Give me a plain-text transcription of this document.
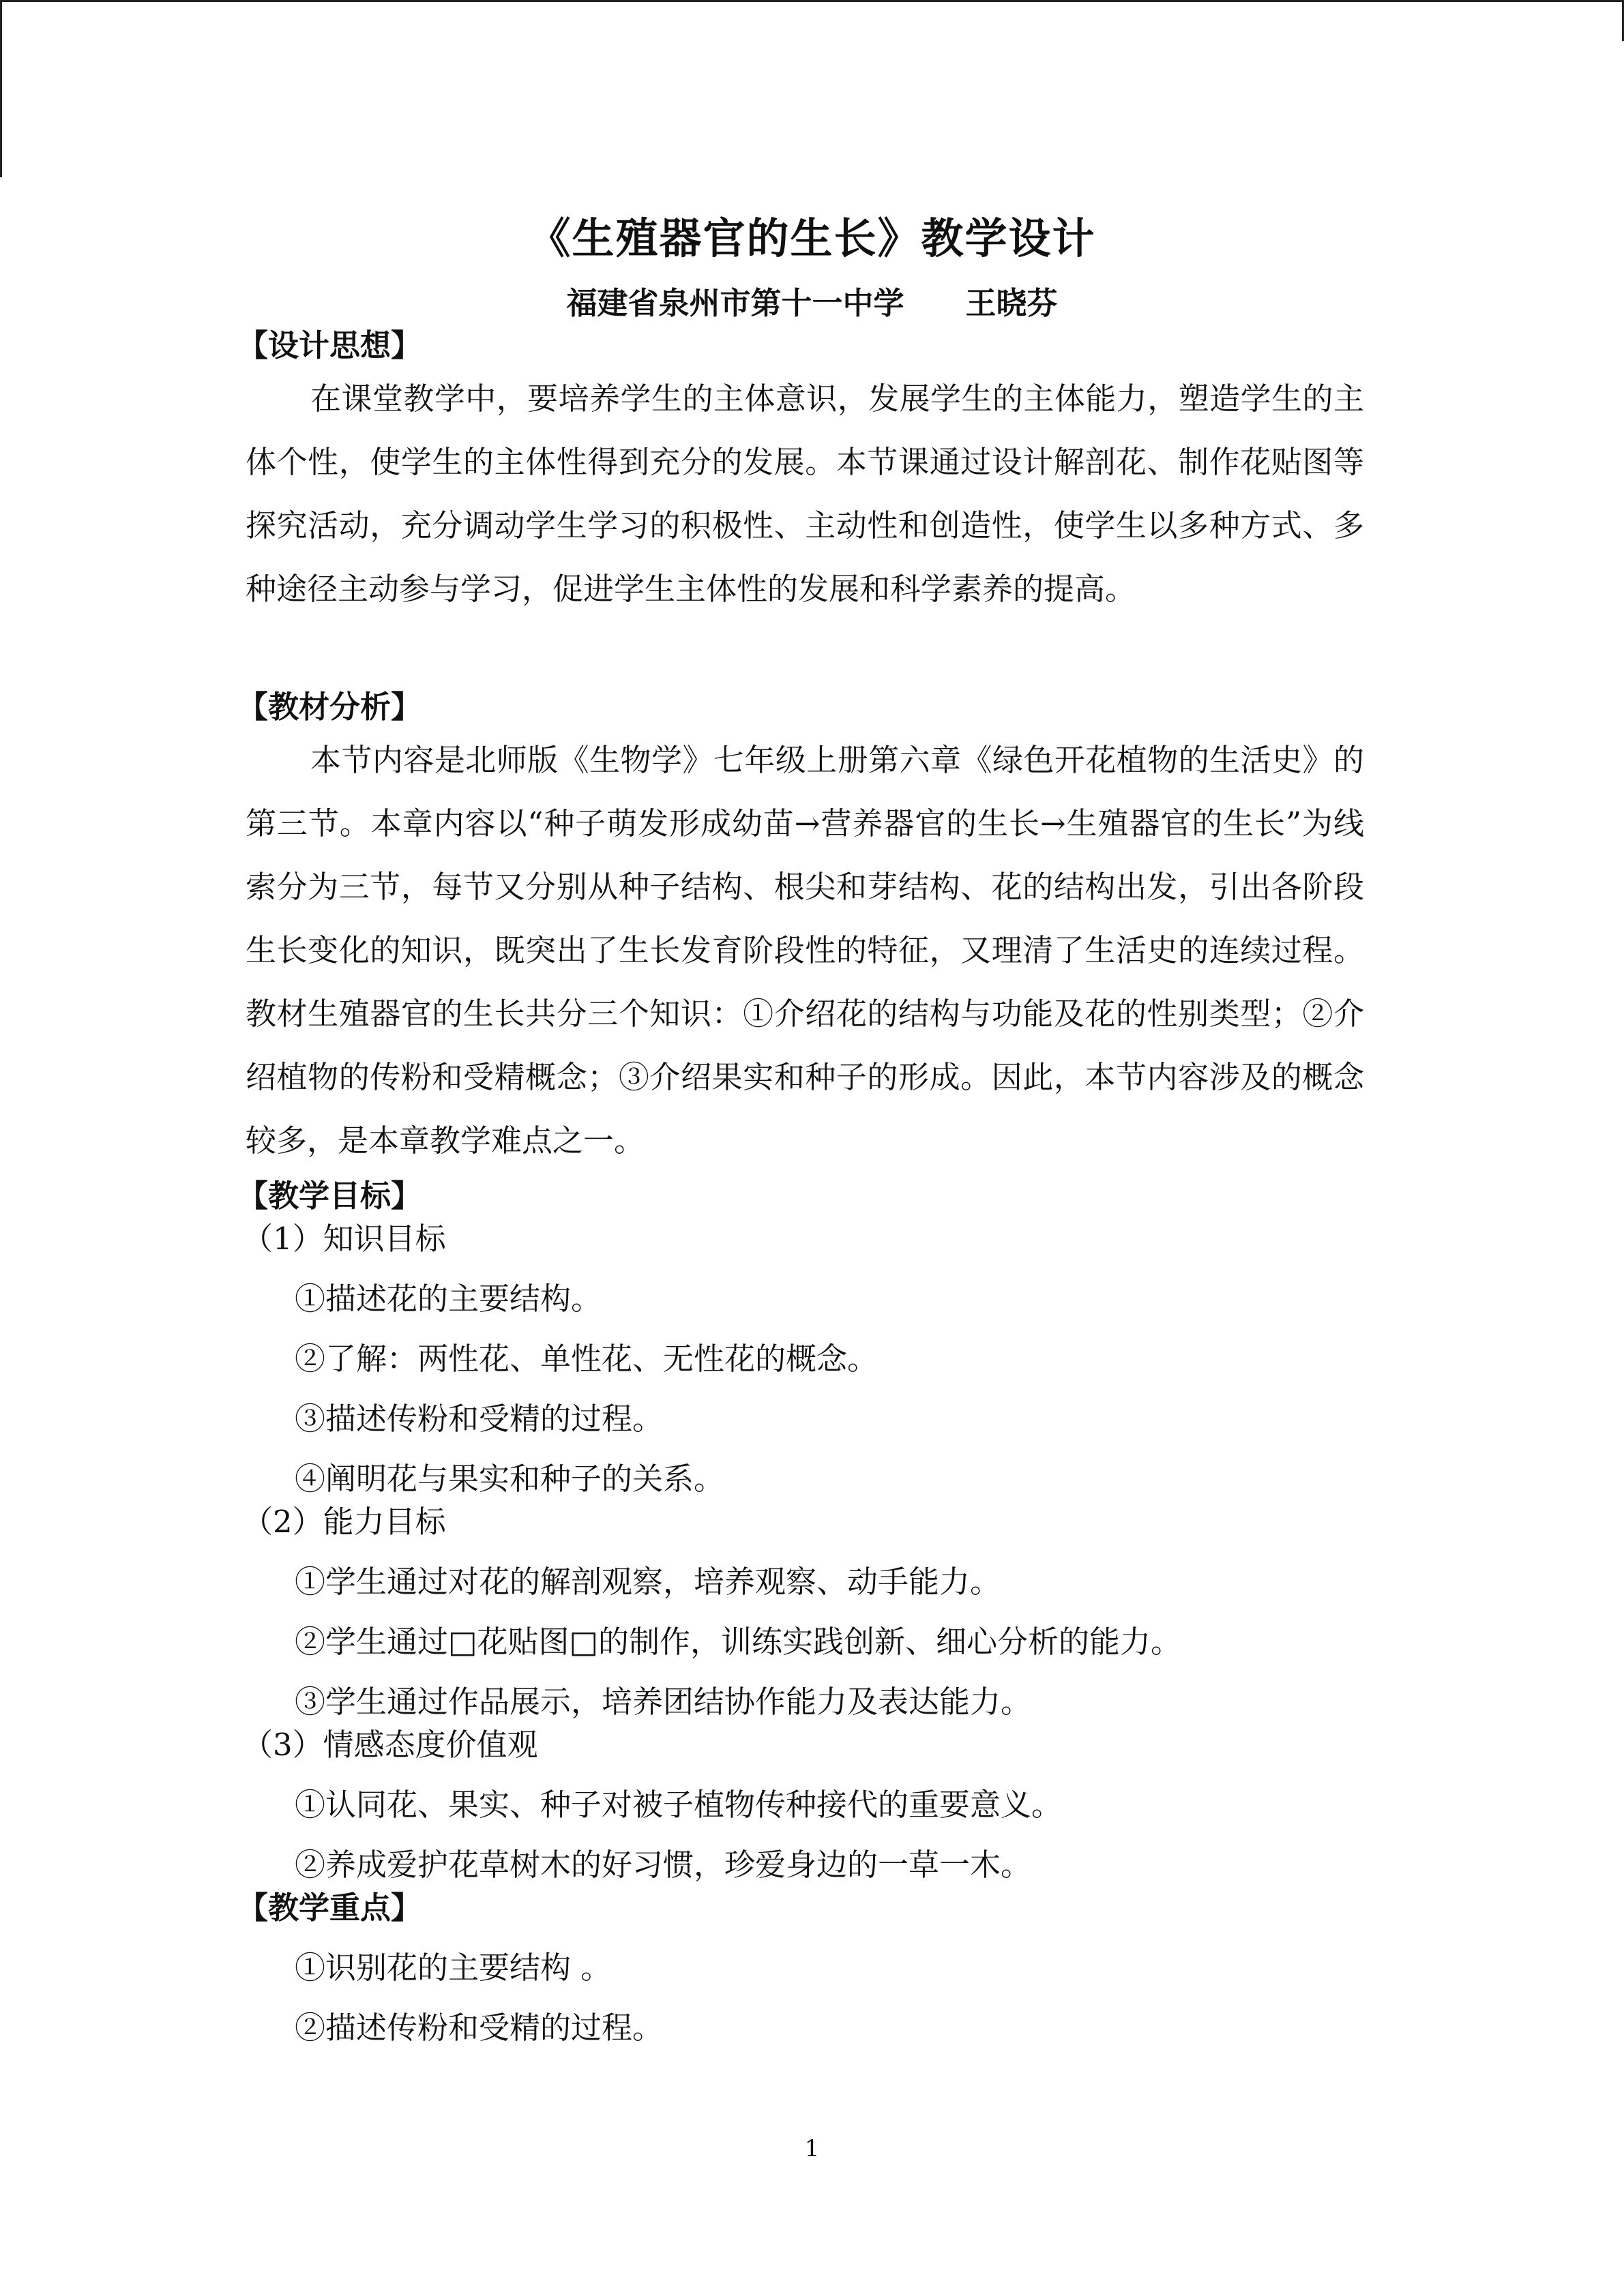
《生殖器官的生长》教学设计
福建省泉州市第十一中学 王晓芬
【设计思想】
在课堂教学中，要培养学生的主体意识，发展学生的主体能力，塑造学生的主体个性，使学生的主体性得到充分的发展。本节课通过设计解剖花、制作花贴图等探究活动，充分调动学生学习的积极性、主动性和创造性，使学生以多种方式、多种途径主动参与学习，促进学生主体性的发展和科学素养的提高。
【教材分析】
本节内容是北师版《生物学》七年级上册第六章《绿色开花植物的生活史》的第三节。本章内容以“种子萌发形成幼苗→营养器官的生长→生殖器官的生长”为线索分为三节，每节又分别从种子结构、根尖和芽结构、花的结构出发，引出各阶段生长变化的知识，既突出了生长发育阶段性的特征，又理清了生活史的连续过程。教材生殖器官的生长共分三个知识：①介绍花的结构与功能及花的性别类型；②介绍植物的传粉和受精概念；③介绍果实和种子的形成。因此，本节内容涉及的概念较多，是本章教学难点之一。
【教学目标】
（1）知识目标
①描述花的主要结构。
②了解：两性花、单性花、无性花的概念。
③描述传粉和受精的过程。
④阐明花与果实和种子的关系。
（2）能力目标
①学生通过对花的解剖观察，培养观察、动手能力。
②学生通过□花贴图□的制作，训练实践创新、细心分析的能力。
③学生通过作品展示，培养团结协作能力及表达能力。
（3）情感态度价值观
①认同花、果实、种子对被子植物传种接代的重要意义。
②养成爱护花草树木的好习惯，珍爱身边的一草一木。
【教学重点】
①识别花的主要结构 。
②描述传粉和受精的过程。
1
